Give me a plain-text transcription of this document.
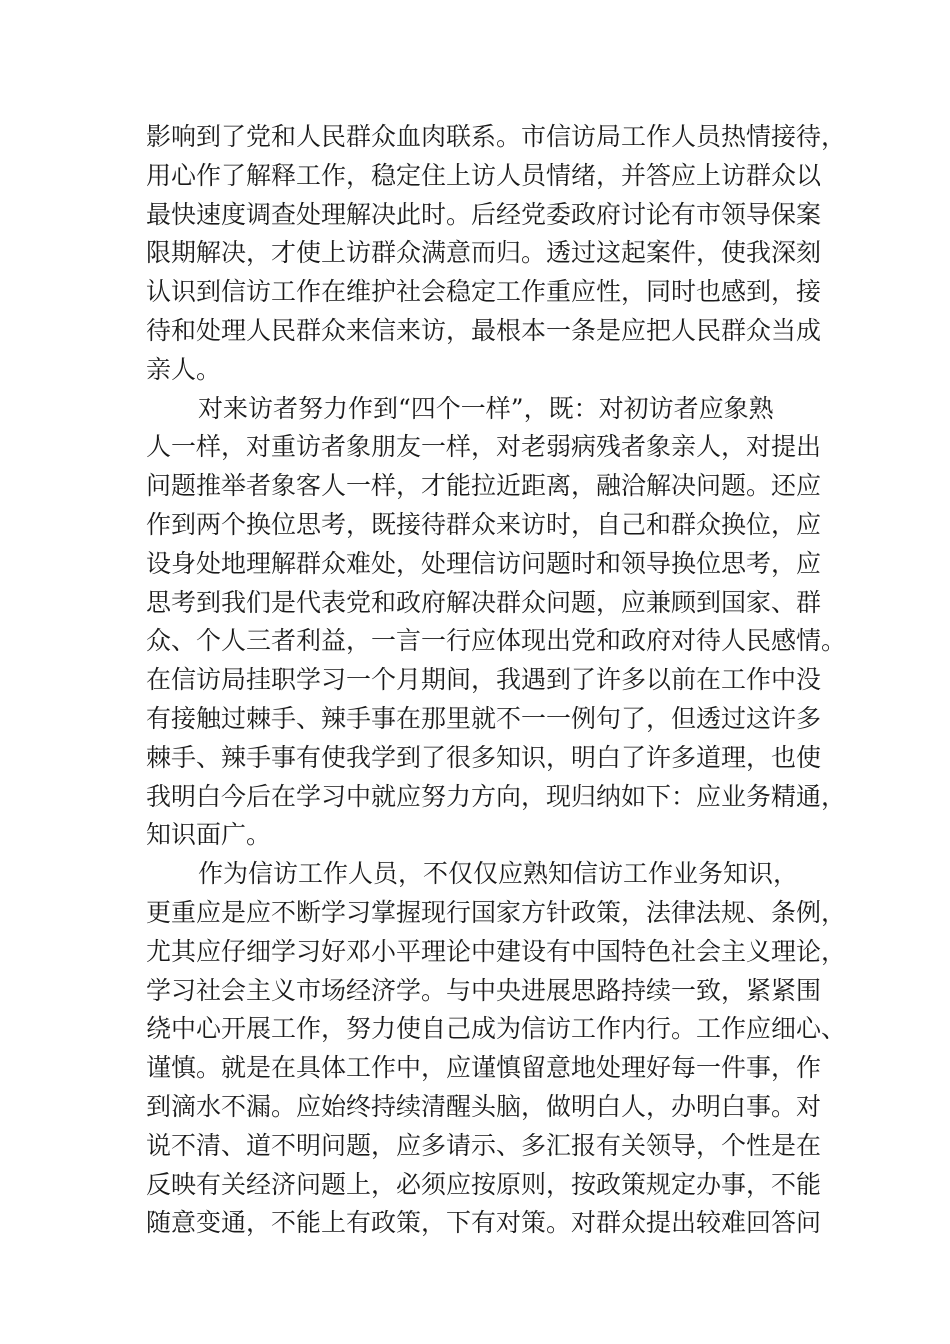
影响到了党和人民群众血肉联系。市信访局工作人员热情接待，
用心作了解释工作，稳定住上访人员情绪，并答应上访群众以
最快速度调查处理解决此时。后经党委政府讨论有市领导保案
限期解决，才使上访群众满意而归。透过这起案件，使我深刻
认识到信访工作在维护社会稳定工作重应性，同时也感到，接
待和处理人民群众来信来访，最根本一条是应把人民群众当成
亲人。
对来访者努力作到“四个一样”，既：对初访者应象熟
人一样，对重访者象朋友一样，对老弱病残者象亲人，对提出
问题推举者象客人一样，才能拉近距离，融洽解决问题。还应
作到两个换位思考，既接待群众来访时，自己和群众换位，应
设身处地理解群众难处，处理信访问题时和领导换位思考，应
思考到我们是代表党和政府解决群众问题，应兼顾到国家、群
众、个人三者利益，一言一行应体现出党和政府对待人民感情。
在信访局挂职学习一个月期间，我遇到了许多以前在工作中没
有接触过棘手、辣手事在那里就不一一例句了，但透过这许多
棘手、辣手事有使我学到了很多知识，明白了许多道理，也使
我明白今后在学习中就应努力方向，现归纳如下：应业务精通，
知识面广。
作为信访工作人员，不仅仅应熟知信访工作业务知识，
更重应是应不断学习掌握现行国家方针政策，法律法规、条例，
尤其应仔细学习好邓小平理论中建设有中国特色社会主义理论，
学习社会主义市场经济学。与中央进展思路持续一致，紧紧围
绕中心开展工作，努力使自己成为信访工作内行。工作应细心、
谨慎。就是在具体工作中，应谨慎留意地处理好每一件事，作
到滴水不漏。应始终持续清醒头脑，做明白人，办明白事。对
说不清、道不明问题，应多请示、多汇报有关领导，个性是在
反映有关经济问题上，必须应按原则，按政策规定办事，不能
随意变通，不能上有政策，下有对策。对群众提出较难回答问
